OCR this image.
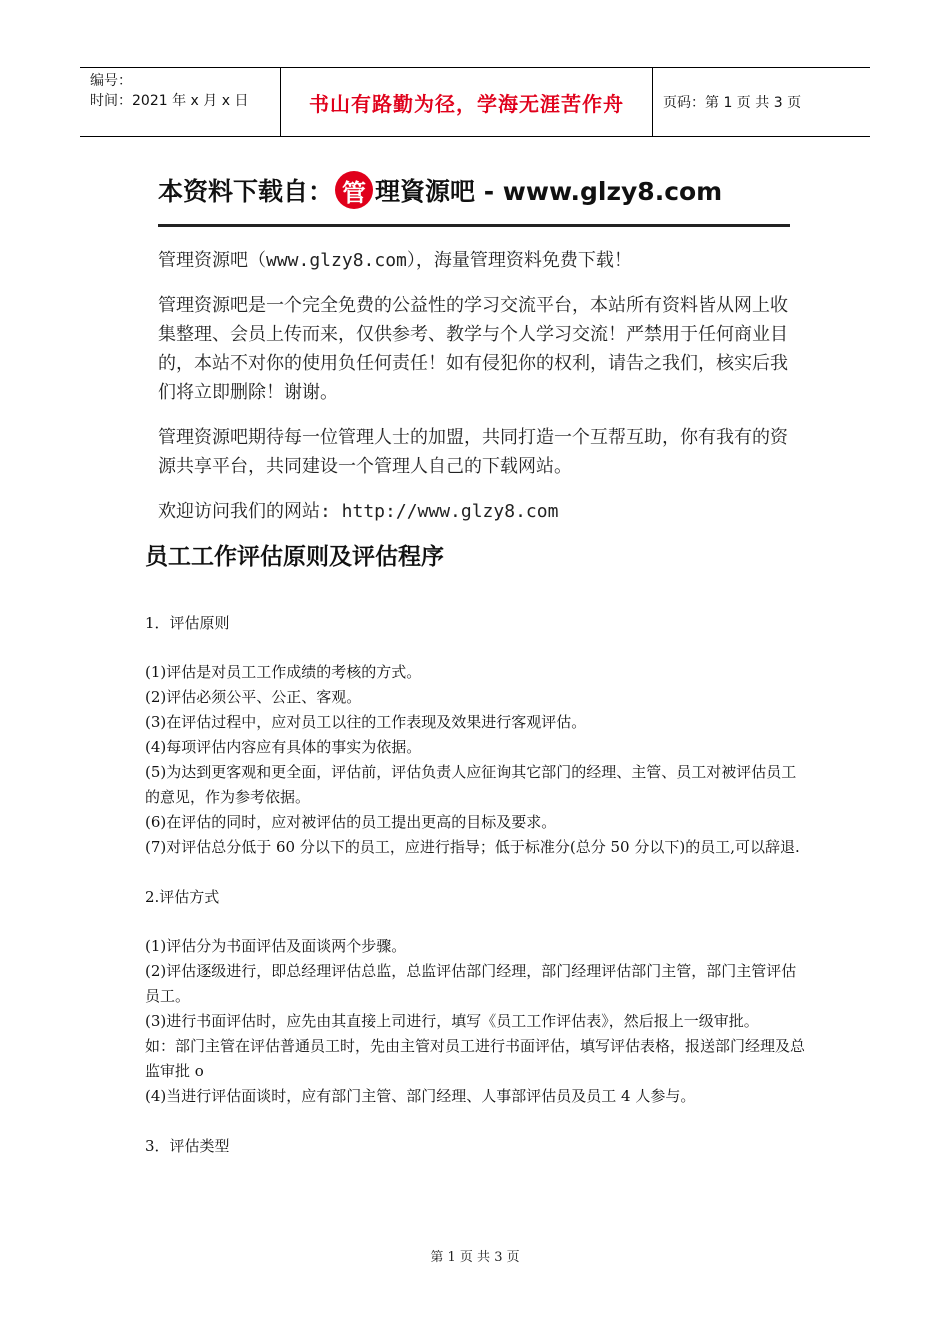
编号：
时间：2021 年 x 月 x 日	书山有路勤为径，学海无涯苦作舟	页码：第 1 页 共 3 页
本资料下载自： 管 理資源吧 - www.glzy8.com

管理资源吧（www.glzy8.com），海量管理资料免费下载！

管理资源吧是一个完全免费的公益性的学习交流平台，本站所有资料皆从网上收集整理、会员上传而来，仅供参考、教学与个人学习交流！严禁用于任何商业目的，本站不对你的使用负任何责任！如有侵犯你的权利，请告之我们，核实后我们将立即删除！谢谢。

管理资源吧期待每一位管理人士的加盟，共同打造一个互帮互助，你有我有的资源共享平台，共同建设一个管理人自己的下载网站。

欢迎访问我们的网站: http://www.glzy8.com

员工工作评估原则及评估程序
1．评估原则

(1)评估是对员工工作成绩的考核的方式。

(2)评估必须公平、公正、客观。

(3)在评估过程中，应对员工以往的工作表现及效果进行客观评估。

(4)每项评估内容应有具体的事实为依据。

(5)为达到更客观和更全面，评估前，评估负责人应征询其它部门的经理、主管、员工对被评估员工的意见，作为参考依据。

(6)在评估的同时，应对被评估的员工提出更高的目标及要求。

(7)对评估总分低于 60 分以下的员工，应进行指导；低于标准分(总分 50 分以下)的员工,可以辞退.

2.评估方式

(1)评估分为书面评估及面谈两个步骤。

(2)评估逐级进行，即总经理评估总监，总监评估部门经理，部门经理评估部门主管，部门主管评估员工。

(3)进行书面评估时，应先由其直接上司进行，填写《员工工作评估表》，然后报上一级审批。

如：部门主管在评估普通员工时，先由主管对员工进行书面评估，填写评估表格，报送部门经理及总监审批 o

(4)当进行评估面谈时，应有部门主管、部门经理、人事部评估员及员工 4 人参与。

3．评估类型
第 1 页 共 3 页
